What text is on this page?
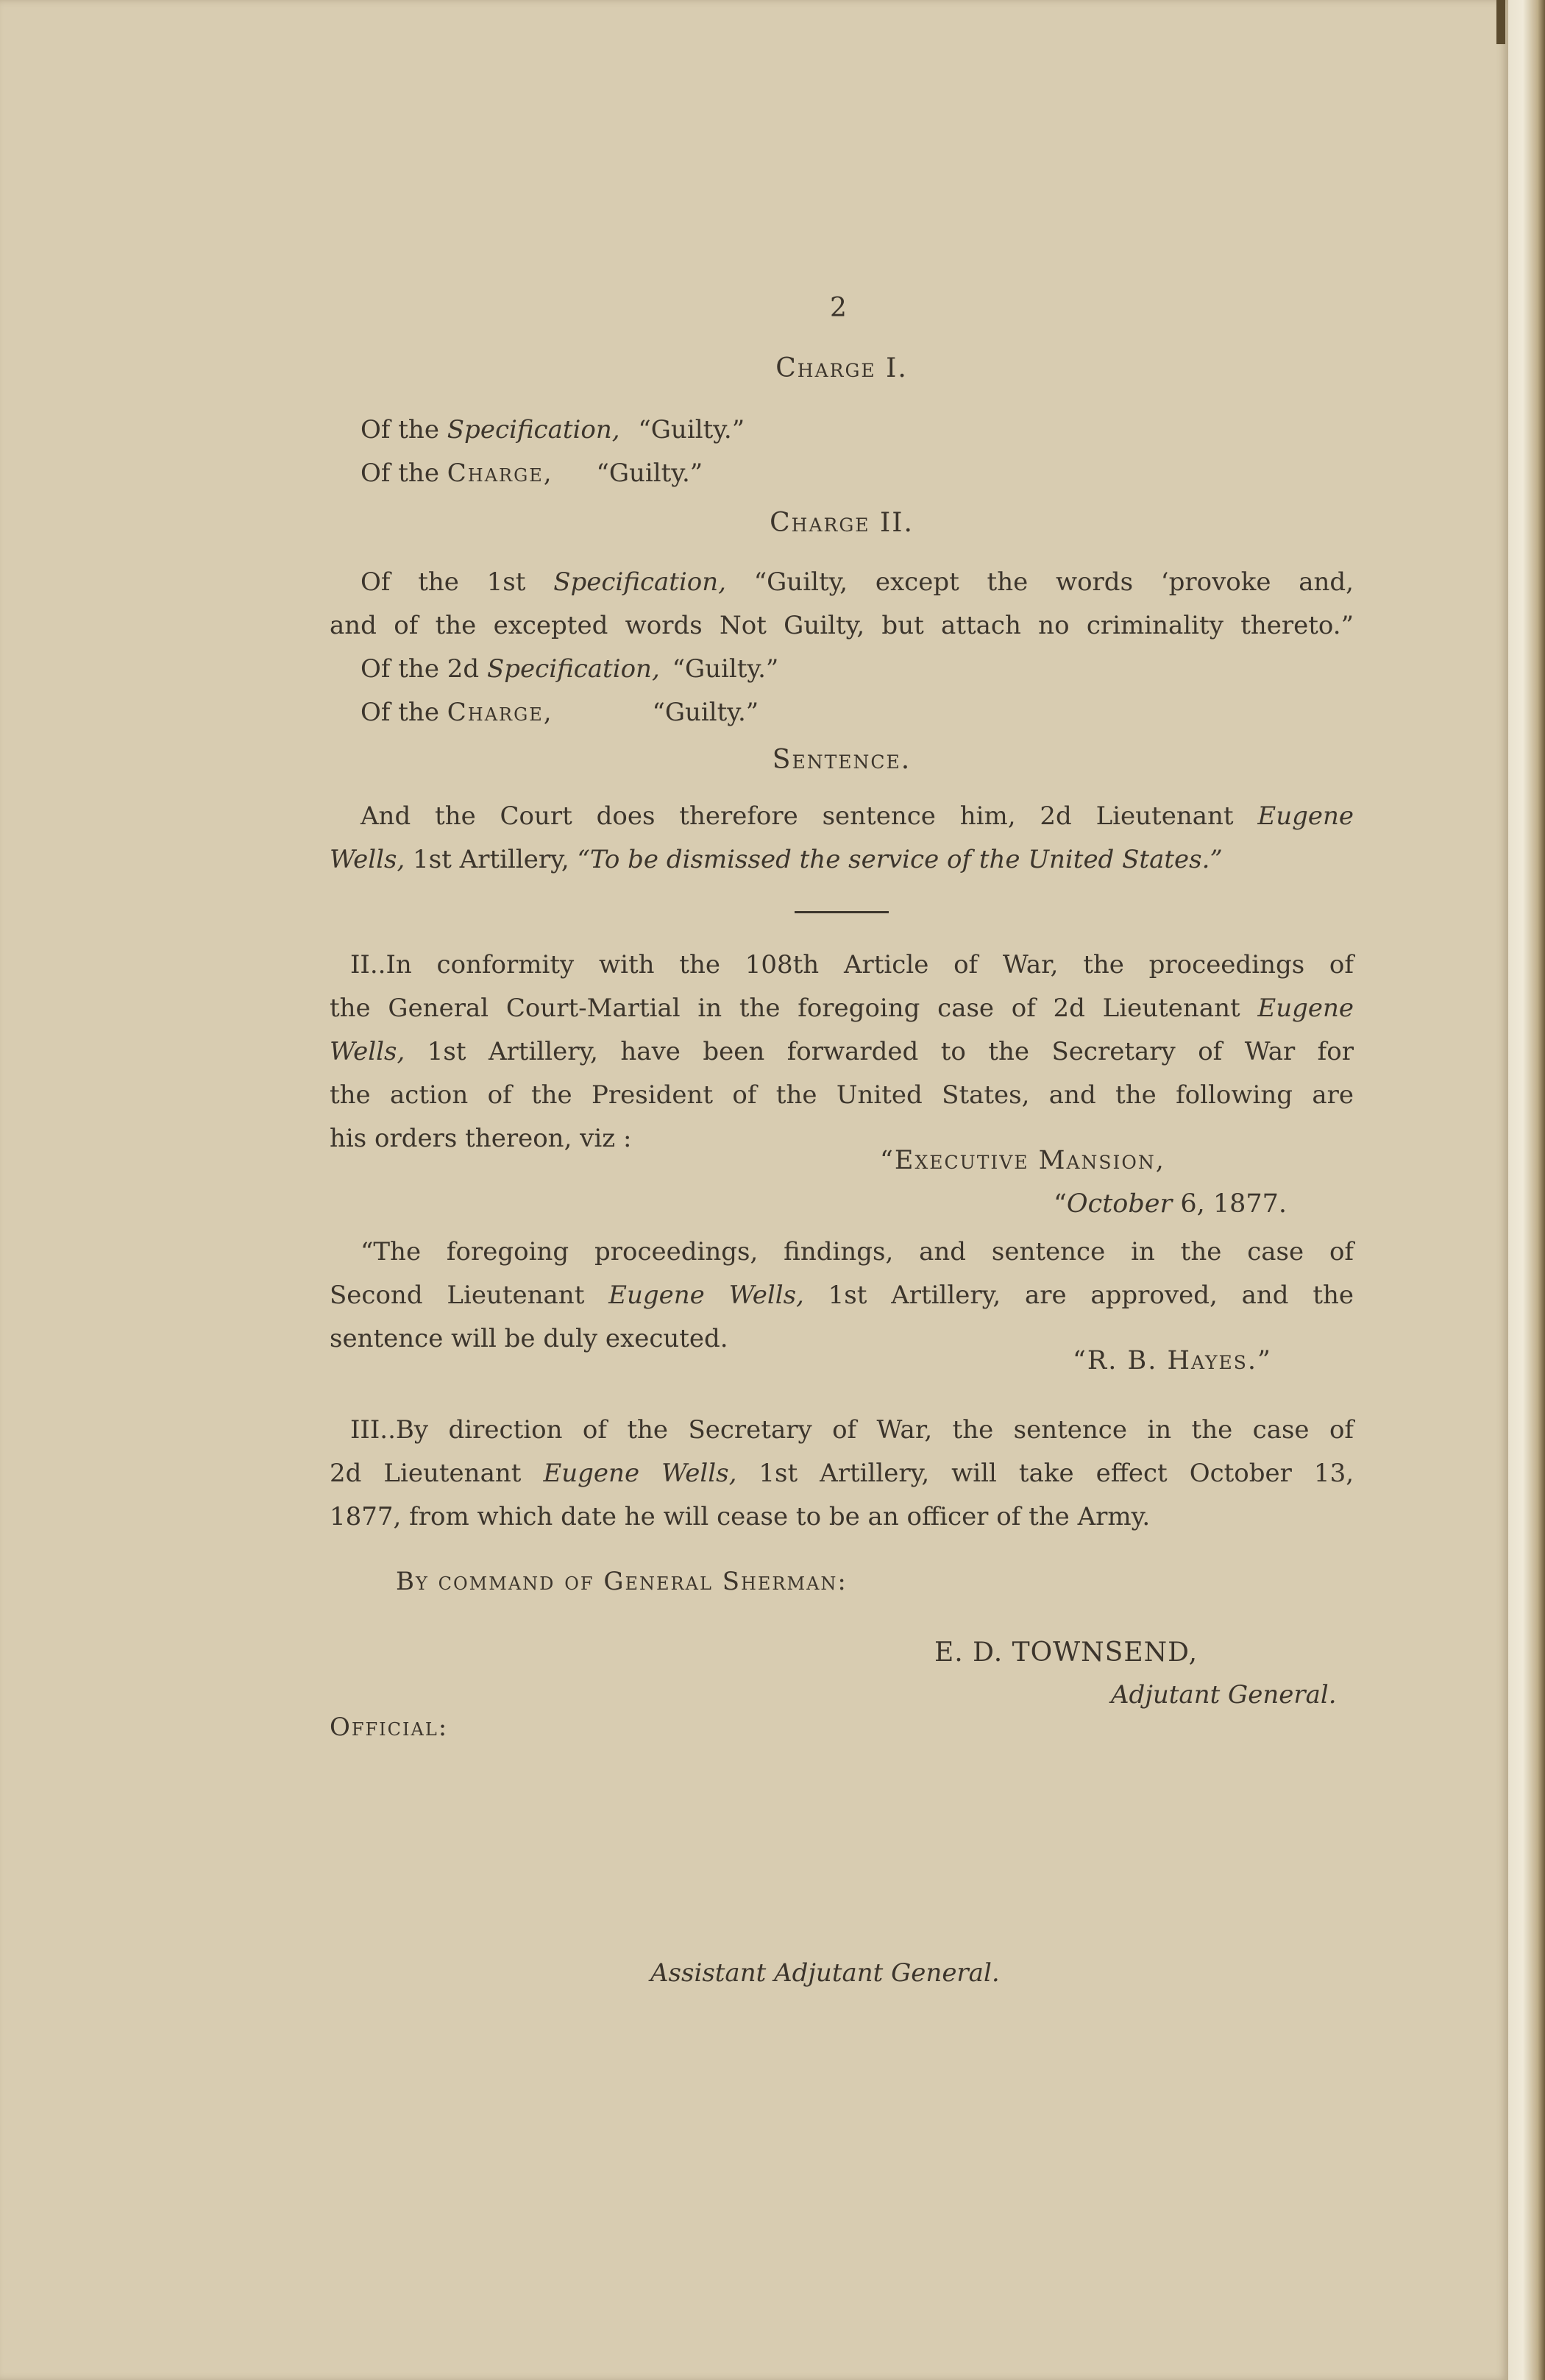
2
Charge I.
Of the Specification, “Guilty.”
Of the Charge, “Guilty.”
Charge II.
Of the 1st Specification, “Guilty, except the words ‘provoke and,
and of the excepted words Not Guilty, but attach no criminality thereto.”
Of the 2d Specification, “Guilty.”
Of the Charge,	“Guilty.”
Sentence.
And the Court does therefore sentence him, 2d Lieutenant Eugene
Wells, 1st Artillery, “To be dismissed the service of the United States.”
II..In conformity with the 108th Article of War, the proceedings of
the General Court-Martial in the foregoing case of 2d Lieutenant Eugene
Wells, 1st Artillery, have been forwarded to the Secretary of War for
the action of the President of the United States, and the following are
his orders thereon, viz :
“Executive Mansion,
“October 6, 1877.
“The foregoing proceedings, findings, and sentence in the case of
Second Lieutenant Eugene Wells, 1st Artillery, are approved, and the
sentence will be duly executed.
“R. B. Hayes.”
III..By direction of the Secretary of War, the sentence in the case of
2d Lieutenant Eugene Wells, 1st Artillery, will take effect October 13,
1877, from which date he will cease to be an officer of the Army.
By command of General Sherman:
E. D. TOWNSEND,
Adjutant General.
Official:
Assistant Adjutant General.
